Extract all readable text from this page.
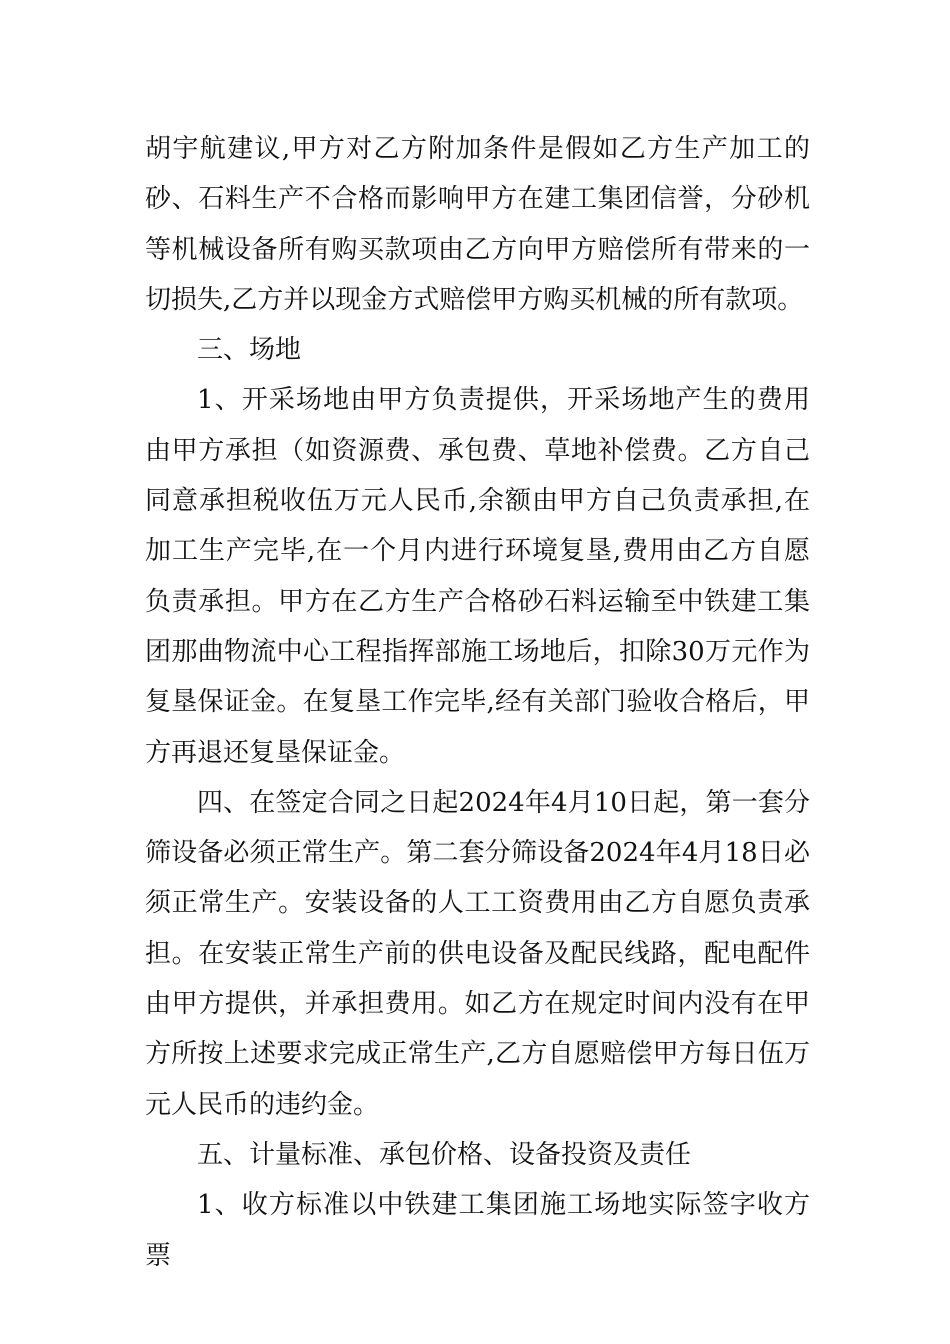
胡宇航建议,甲方对乙方附加条件是假如乙方生产加工的砂、石料生产不合格而影响甲方在建工集团信誉，分砂机等机械设备所有购买款项由乙方向甲方赔偿所有带来的一切损失,乙方并以现金方式赔偿甲方购买机械的所有款项。

三、场地

1、开采场地由甲方负责提供，开采场地产生的费用由甲方承担（如资源费、承包费、草地补偿费。乙方自己同意承担税收伍万元人民币,余额由甲方自己负责承担,在加工生产完毕,在一个月内进行环境复垦,费用由乙方自愿负责承担。甲方在乙方生产合格砂石料运输至中铁建工集团那曲物流中心工程指挥部施工场地后，扣除30万元作为复垦保证金。在复垦工作完毕,经有关部门验收合格后，甲方再退还复垦保证金。

四、在签定合同之日起2024年4月10日起，第一套分筛设备必须正常生产。第二套分筛设备2024年4月18日必须正常生产。安装设备的人工工资费用由乙方自愿负责承担。在安装正常生产前的供电设备及配民线路，配电配件由甲方提供，并承担费用。如乙方在规定时间内没有在甲方所按上述要求完成正常生产,乙方自愿赔偿甲方每日伍万元人民币的违约金。

五、计量标准、承包价格、设备投资及责任

1、收方标准以中铁建工集团施工场地实际签字收方票
